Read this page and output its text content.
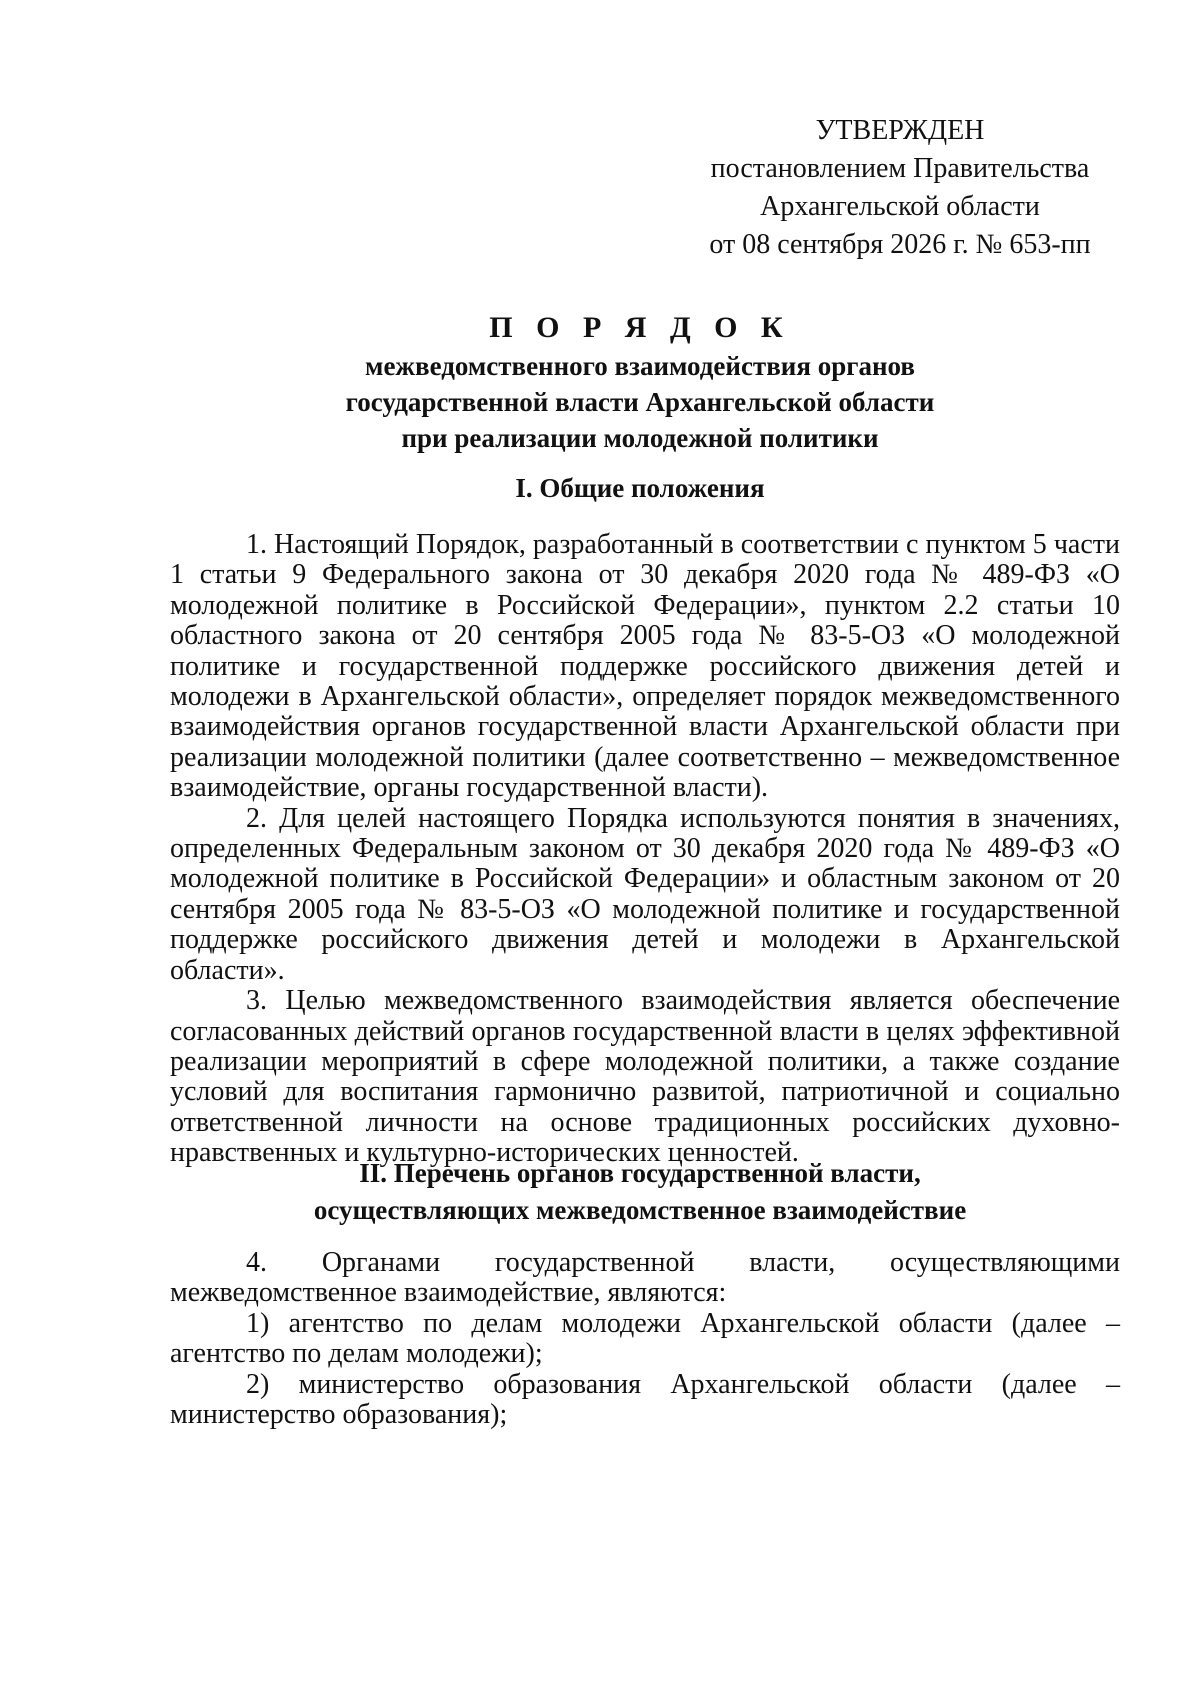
УТВЕРЖДЕН
постановлением Правительства
Архангельской области
от 08 сентября 2026 г. № 653-пп
П О Р Я Д О К
межведомственного взаимодействия органов
государственной власти Архангельской области
при реализации молодежной политики
I. Общие положения

1. Настоящий Порядок, разработанный в соответствии с пунктом 5 части 1 статьи 9 Федерального закона от 30 декабря 2020 года № 489-ФЗ «О молодежной политике в Российской Федерации», пунктом 2.2 статьи 10 областного закона от 20 сентября 2005 года № 83-5-ОЗ «О молодежной политике и государственной поддержке российского движения детей и молодежи в Архангельской области», определяет порядок межведомственного взаимодействия органов государственной власти Архангельской области при реализации молодежной политики (далее соответственно – межведомственное взаимодействие, органы государственной власти).

2. Для целей настоящего Порядка используются понятия в значениях, определенных Федеральным законом от 30 декабря 2020 года № 489-ФЗ «О молодежной политике в Российской Федерации» и областным законом от 20 сентября 2005 года № 83-5-ОЗ «О молодежной политике и государственной поддержке российского движения детей и молодежи в Архангельской области».

3. Целью межведомственного взаимодействия является обеспечение согласованных действий органов государственной власти в целях эффективной реализации мероприятий в сфере молодежной политики, а также создание условий для воспитания гармонично развитой, патриотичной и социально ответственной личности на основе традиционных российских духовно-нравственных и культурно-исторических ценностей.

II. Перечень органов государственной власти,
осуществляющих межведомственное взаимодействие

4. Органами государственной власти, осуществляющими межведомственное взаимодействие, являются:

1) агентство по делам молодежи Архангельской области (далее – агентство по делам молодежи);

2) министерство образования Архангельской области (далее – министерство образования);
